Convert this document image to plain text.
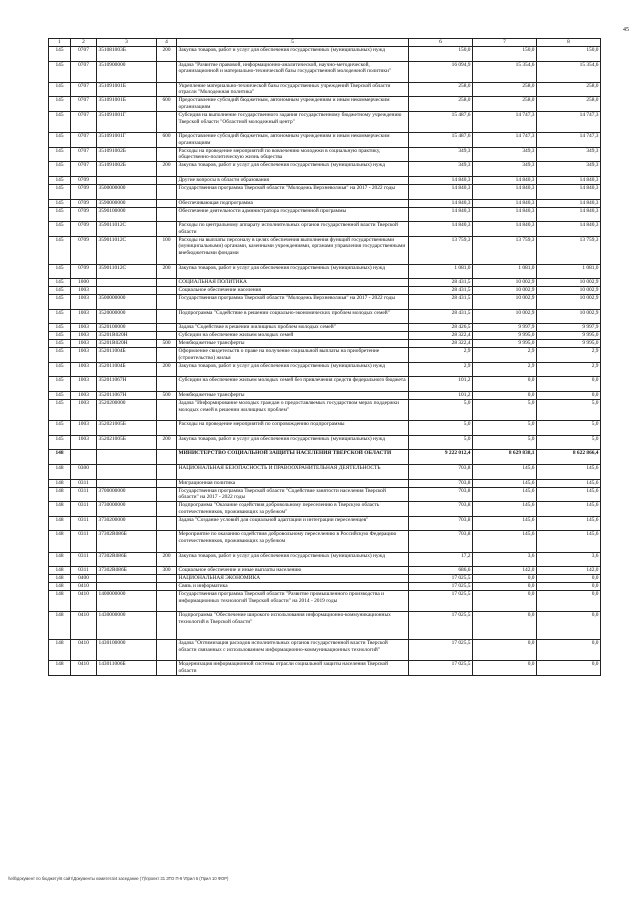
45
1	2	3	4	5	6	7	8
145	0707	351081003Б	200	Закупка товаров, работ и услуг для обеспечения государственных (муниципальных) нужд	150,0	150,0	150,0
145	0707	3510900000		Задача "Развитие правовой, информационно-аналитической, научно-методической, организационной и материально-технической базы государственной молодежной политики"	16 094,9	15 354,6	15 354,6
145	0707	351091001Б		Укрепление материально-технической базы государственных учреждений Тверской области отрасли "Молодежная политика"	258,0	258,0	258,0
145	0707	351091001Б	600	Предоставление субсидий бюджетным, автономным учреждениям и иным некоммерческим организациям	258,0	258,0	258,0
145	0707	351091001Г		Субсидия на выполнение государственного задания государственному бюджетному учреждению Тверской области "Областной молодежный центр"	15 487,6	14 747,3	14 747,3
145	0707	351091001Г	600	Предоставление субсидий бюджетным, автономным учреждениям и иным некоммерческим организациям	15 487,6	14 747,3	14 747,3
145	0707	351091002Б		Расходы на проведение мероприятий по вовлечению молодежи в социальную практику, общественно-политическую жизнь общества	349,3	349,3	349,3
145	0707	351091002Б	200	Закупка товаров, работ и услуг для обеспечения государственных (муниципальных) нужд	349,3	349,3	349,3
145	0709			Другие вопросы в области образования	14 840,3	14 840,3	14 840,3
145	0709	3500000000		Государственная программа Тверской области "Молодежь Верхневолжья" на 2017 - 2022 годы	14 840,3	14 840,3	14 840,3
145	0709	3590000000		Обеспечивающая подпрограмма	14 840,3	14 840,3	14 840,3
145	0709	3590100000		Обеспечение деятельности администратора государственной программы	14 840,3	14 840,3	14 840,3
145	0709	359011012С		Расходы по центральному аппарату исполнительных органов государственной власти Тверской области	14 840,3	14 840,3	14 840,3
145	0709	359011012С	100	Расходы на выплаты персоналу в целях обеспечения выполнения функций государственными (муниципальными) органами, казенными учреждениями, органами управления государственными внебюджетными фондами	13 759,3	13 759,3	13 759,3
145	0709	359011012С	200	Закупка товаров, работ и услуг для обеспечения государственных (муниципальных) нужд	1 081,0	1 081,0	1 081,0
145	1000			СОЦИАЛЬНАЯ ПОЛИТИКА	28 431,5	10 002,9	10 002,9
145	1003			Социальное обеспечение населения	28 431,5	10 002,9	10 002,9
145	1003	3500000000		Государственная программа Тверской области "Молодежь Верхневолжья" на 2017 - 2022 годы	28 431,5	10 002,9	10 002,9
145	1003	3520000000		Подпрограмма "Содействие в решении социально-экономических проблем молодых семей"	28 431,5	10 002,9	10 002,9
145	1003	3520100000		Задача "Содействие в решении жилищных проблем молодых семей"	28 426,5	9 997,9	9 997,9
145	1003	35201R020Н		Субсидии на обеспечение жильем молодых семей	28 322,4	9 995,0	9 995,0
145	1003	35201R020Н	500	Межбюджетные трансферты	28 322,4	9 995,0	9 995,0
145	1003	352011004Б		Оформление свидетельств о праве на получение социальной выплаты на приобретение (строительство) жилья	2,9	2,9	2,9
145	1003	352011004Б	200	Закупка товаров, работ и услуг для обеспечения государственных (муниципальных) нужд	2,9	2,9	2,9
145	1003	352011067Н		Субсидии на обеспечение жильем молодых семей без привлечения средств федерального бюджета	101,2	0,0	0,0
145	1003	352011067Н	500	Межбюджетные трансферты	101,2	0,0	0,0
145	1003	3520200000		Задача "Информирование молодых граждан о предоставляемых государством мерах поддержки молодых семей в решении жилищных проблем"	5,0	5,0	5,0
145	1003	352021005Б		Расходы на проведение мероприятий по сопровождению подпрограммы	5,0	5,0	5,0
145	1003	352021005Б	200	Закупка товаров, работ и услуг для обеспечения государственных (муниципальных) нужд	5,0	5,0	5,0
148				МИНИСТЕРСТВО СОЦИАЛЬНОЙ ЗАЩИТЫ НАСЕЛЕНИЯ ТВЕРСКОЙ ОБЛАСТИ	9 222 012,4	8 629 838,1	8 622 866,4
148	0300			НАЦИОНАЛЬНАЯ БЕЗОПАСНОСТЬ И ПРАВООХРАНИТЕЛЬНАЯ ДЕЯТЕЛЬНОСТЬ	703,8	145,6	145,6
148	0311			Миграционная политика	703,8	145,6	145,6
148	0311	3700000000		Государственная программа Тверской области "Содействие занятости населения Тверской области" на 2017 - 2022 годы	703,8	145,6	145,6
148	0311	3730000000		Подпрограмма "Оказание содействия добровольному переселению в Тверскую область соотечественников, проживающих за рубежом"	703,8	145,6	145,6
148	0311	3730200000		Задача "Создание условий для социальной адаптации и интеграции переселенцев"	703,8	145,6	145,6
148	0311	37302R086Б		Мероприятие по оказанию содействия добровольному переселению в Российскую Федерацию соотечественников, проживающих за рубежом	703,8	145,6	145,6
148	0311	37302R086Б	200	Закупка товаров, работ и услуг для обеспечения государственных (муниципальных) нужд	17,2	3,6	3,6
148	0311	37302R086Б	300	Социальное обеспечение и иные выплаты населению	686,6	142,0	142,0
148	0400			НАЦИОНАЛЬНАЯ ЭКОНОМИКА	17 025,5	0,0	0,0
148	0410			Связь и информатика	17 025,5	0,0	0,0
148	0410	1400000000		Государственная программа Тверской области "Развитие промышленного производства и информационных технологий Тверской области" на 2014 - 2019 годы	17 025,5	0,0	0,0
148	0410	1430000000		Подпрограмма "Обеспечение широкого использования информационно-коммуникационных технологий в Тверской области"	17 025,5	0,0	0,0
148	0410	1430100000		Задача "Оптимизация расходов исполнительных органов государственной власти Тверской области связанных с использованием информационно-коммуникационных технологий"	17 025,5	0,0	0,0
148	0410	143011006Б		Модернизация информационной системы отрасли социальной защиты населения Тверской области	17 025,5	0,0	0,0
\\elit\документ по бюджету\6 сайт\Документы комитета\4 заседание (7)\проект 31 ЗТО П-9 \Прил 5 (Прил 10 ФОР)
